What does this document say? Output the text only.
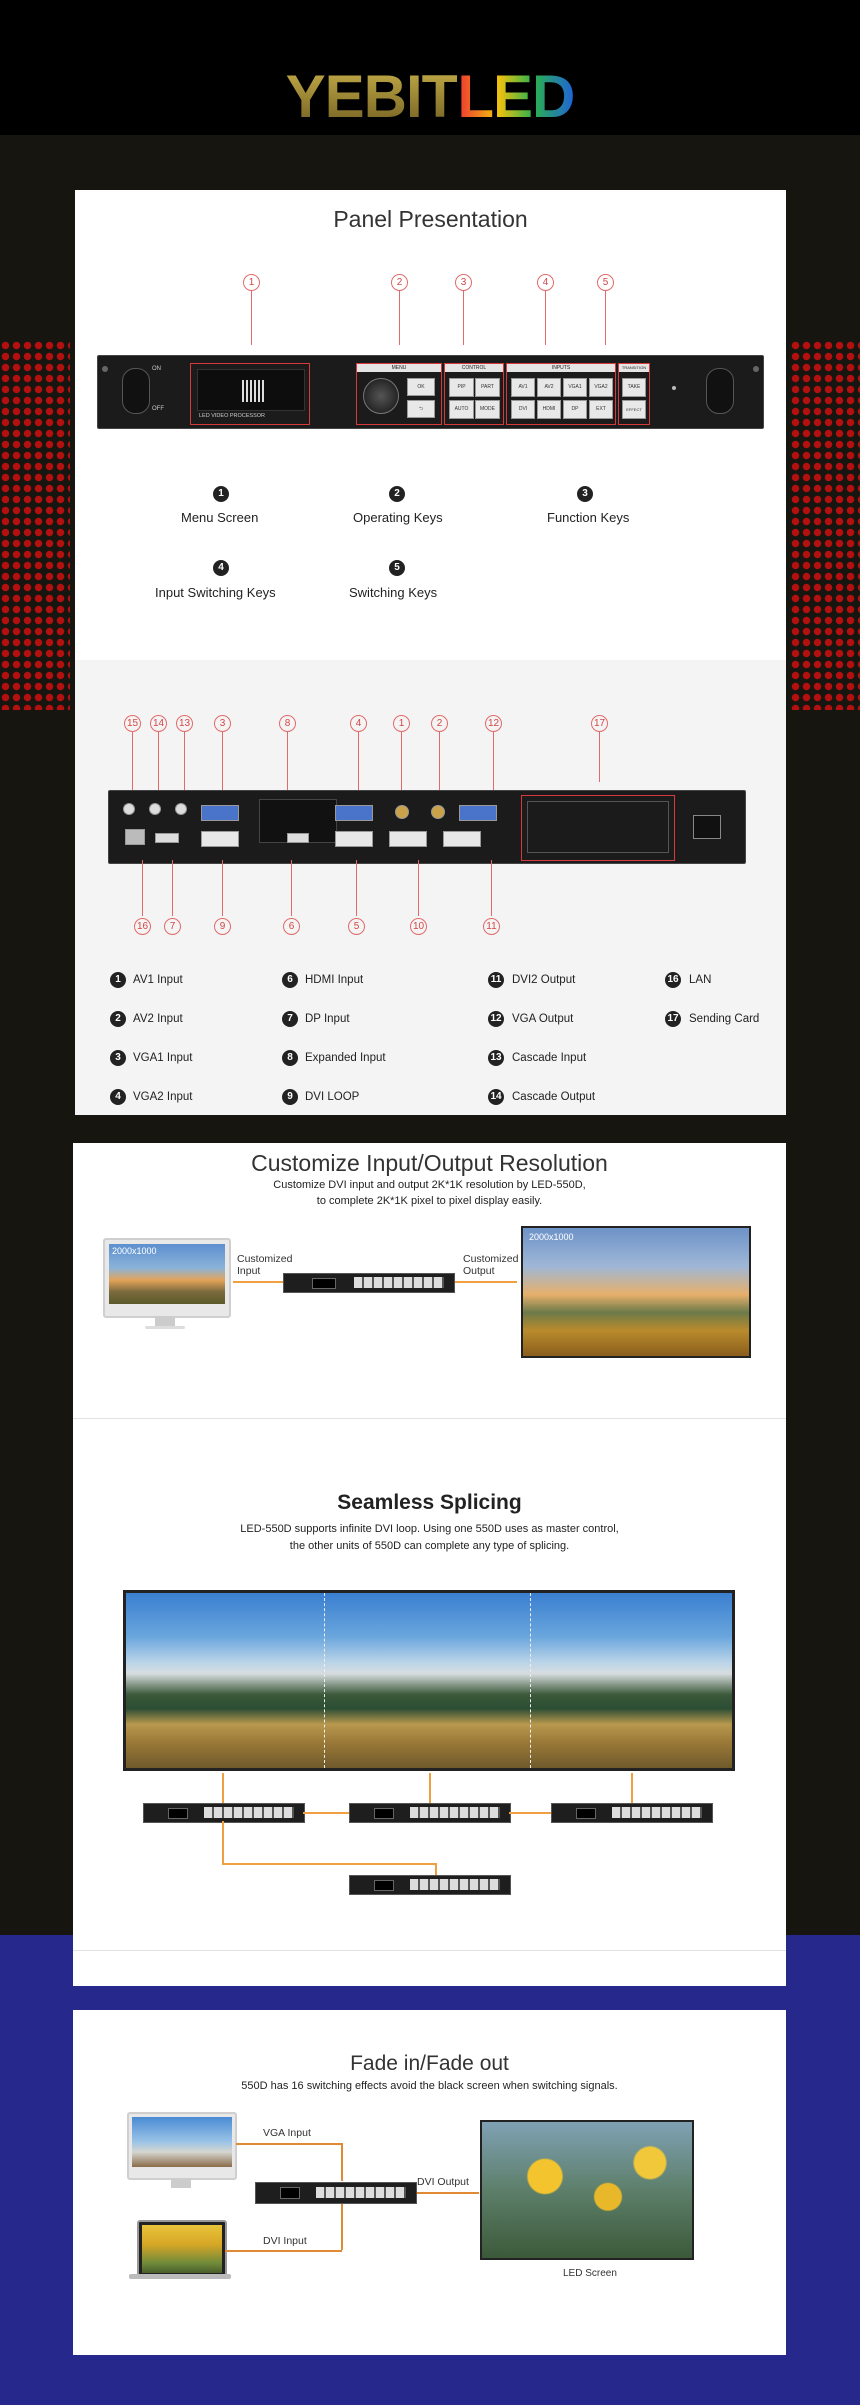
YEBITLED
Panel Presentation
1	2	3	4	5
ON
OFF
LED VIDEO PROCESSOR
MENU
OK
⮌
CONTROL
PIP	PART
AUTO	MODE
INPUTS
AV1	AV2	VGA1	VGA2
DVI	HDMI	DP	EXT
TRANSITION
TAKE
EFFECT
1
Menu Screen
2
Operating Keys
3
Function Keys
4
Input Switching Keys
5
Switching Keys
15 14 13	3	8	4	1	2	12	17
16	7	9	6	5	10	11
1	AV1 Input
2	AV2 Input
3	VGA1 Input
4	VGA2 Input
6	HDMI Input
7	DP Input
8	Expanded Input
9	DVI LOOP
11 DVI2 Output
12 VGA Output
13 Cascade Input
14 Cascade Output
16 LAN
17 Sending Card
Customize Input/Output Resolution
Customize DVI input and output 2K*1K resolution by LED-550D,
to complete 2K*1K pixel to pixel display easily.
2000x1000
Customized
Input
Customized
Output
2000x1000
Seamless Splicing
LED-550D supports infinite DVI loop. Using one 550D uses as master control,
the other units of 550D can complete any type of splicing.
Fade in/Fade out
550D has 16 switching effects avoid the black screen when switching signals.
VGA Input
DVI Input
DVI Output
LED Screen
